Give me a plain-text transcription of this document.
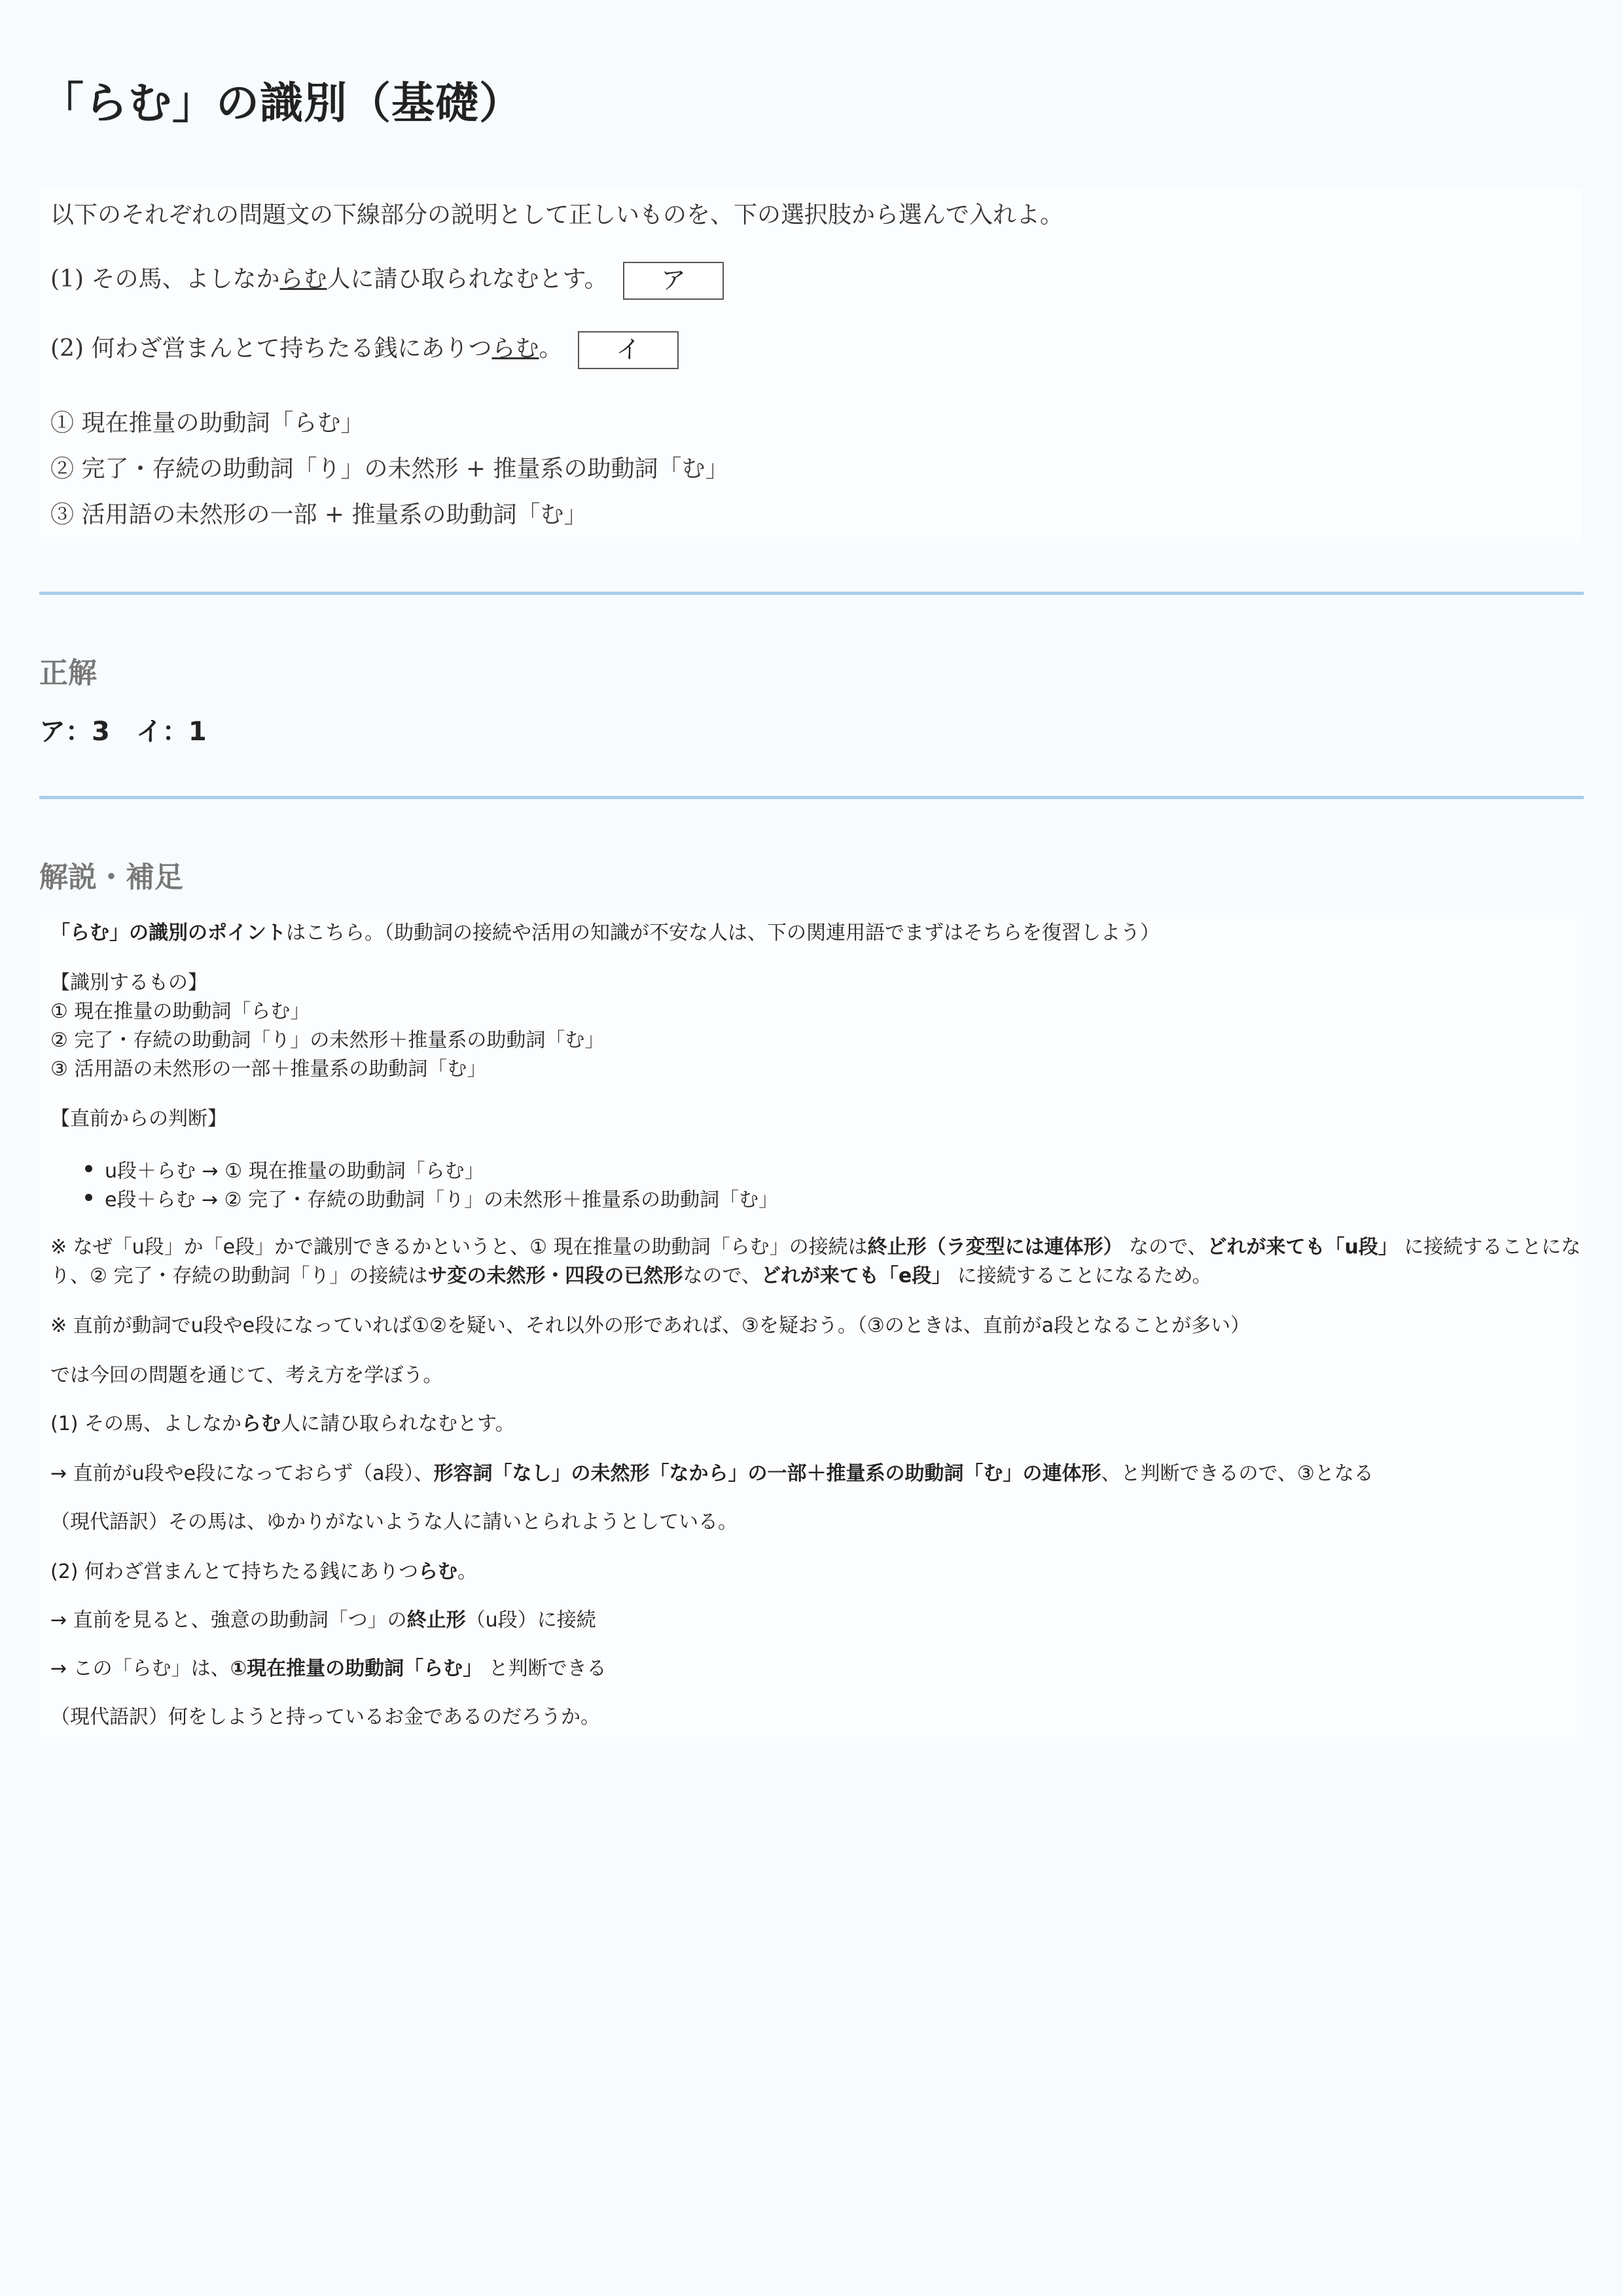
「らむ」の識別（基礎）
以下のそれぞれの問題文の下線部分の説明として正しいものを、下の選択肢から選んで入れよ。
(1) その馬、よしなからむ人に請ひ取られなむとす。 ア
(2) 何わざ営まんとて持ちたる銭にありつらむ。 イ
① 現在推量の助動詞「らむ」
② 完了・存続の助動詞「り」の未然形 + 推量系の助動詞「む」
③ 活用語の未然形の一部 + 推量系の助動詞「む」
正解
ア：3　イ：1
解説・補足
「らむ」の識別のポイントはこちら。（助動詞の接続や活用の知識が不安な人は、下の関連用語でまずはそちらを復習しよう）
【識別するもの】
① 現在推量の助動詞「らむ」
② 完了・存続の助動詞「り」の未然形＋推量系の助動詞「む」
③ 活用語の未然形の一部＋推量系の助動詞「む」
【直前からの判断】
u段＋らむ → ① 現在推量の助動詞「らむ」
e段＋らむ → ② 完了・存続の助動詞「り」の未然形＋推量系の助動詞「む」
※ なぜ「u段」か「e段」かで識別できるかというと、① 現在推量の助動詞「らむ」の接続は終止形（ラ変型には連体形） なので、どれが来ても「u段」 に接続することにな
り、② 完了・存続の助動詞「り」の接続はサ変の未然形・四段の已然形なので、どれが来ても「e段」 に接続することになるため。
※ 直前が動詞でu段やe段になっていれば①②を疑い、それ以外の形であれば、③を疑おう。（③のときは、直前がa段となることが多い）
では今回の問題を通じて、考え方を学ぼう。
(1) その馬、よしなからむ人に請ひ取られなむとす。
→ 直前がu段やe段になっておらず（a段）、形容詞「なし」の未然形「なから」の一部＋推量系の助動詞「む」の連体形、と判断できるので、③となる
（現代語訳）その馬は、ゆかりがないような人に請いとられようとしている。
(2) 何わざ営まんとて持ちたる銭にありつらむ。
→ 直前を見ると、強意の助動詞「つ」の終止形（u段）に接続
→ この「らむ」は、①現在推量の助動詞「らむ」 と判断できる
（現代語訳）何をしようと持っているお金であるのだろうか。
